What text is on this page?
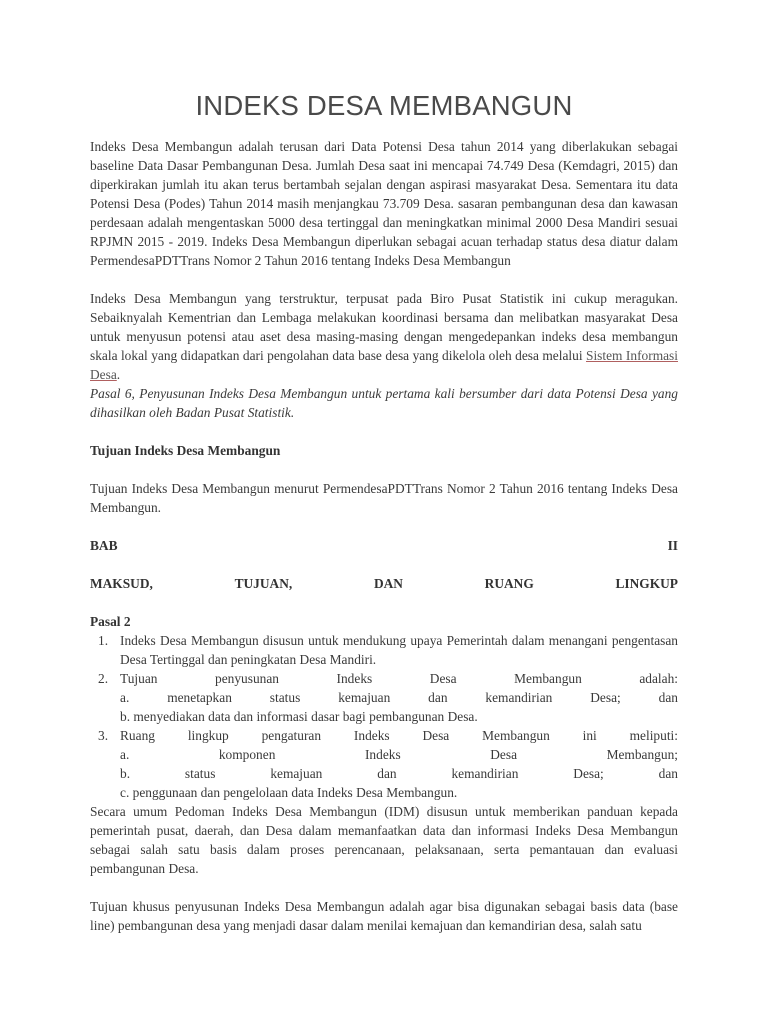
INDEKS DESA MEMBANGUN

Indeks Desa Membangun adalah terusan dari Data Potensi Desa tahun 2014 yang diberlakukan sebagai baseline Data Dasar Pembangunan Desa. Jumlah Desa saat ini mencapai 74.749 Desa (Kemdagri, 2015) dan diperkirakan jumlah itu akan terus bertambah sejalan dengan aspirasi masyarakat Desa. Sementara itu data Potensi Desa (Podes) Tahun 2014 masih menjangkau 73.709 Desa. sasaran pembangunan desa dan kawasan perdesaan adalah mengentaskan 5000 desa tertinggal dan meningkatkan minimal 2000 Desa Mandiri sesuai RPJMN 2015 - 2019. Indeks Desa Membangun diperlukan sebagai acuan terhadap status desa diatur dalam PermendesaPDTTrans Nomor 2 Tahun 2016 tentang Indeks Desa Membangun

Indeks Desa Membangun yang terstruktur, terpusat pada Biro Pusat Statistik ini cukup meragukan. Sebaiknyalah Kementrian dan Lembaga melakukan koordinasi bersama dan melibatkan masyarakat Desa untuk menyusun potensi atau aset desa masing-masing dengan mengedepankan indeks desa membangun skala lokal yang didapatkan dari pengolahan data base desa yang dikelola oleh desa melalui Sistem Informasi Desa.

Pasal 6, Penyusunan Indeks Desa Membangun untuk pertama kali bersumber dari data Potensi Desa yang dihasilkan oleh Badan Pusat Statistik.

Tujuan Indeks Desa Membangun

Tujuan Indeks Desa Membangun menurut PermendesaPDTTrans Nomor 2 Tahun 2016 tentang Indeks Desa Membangun.

BAB	II
MAKSUD,	TUJUAN,	DAN	RUANG	LINGKUP

Pasal 2

1. Indeks Desa Membangun disusun untuk mendukung upaya Pemerintah dalam menangani pengentasan Desa Tertinggal dan peningkatan Desa Mandiri.
2. Tujuan penyusunan Indeks Desa Membangun adalah:
a. menetapkan status kemajuan dan kemandirian Desa; dan
b. menyediakan data dan informasi dasar bagi pembangunan Desa.
3. Ruang lingkup pengaturan Indeks Desa Membangun ini meliputi:
a. komponen Indeks Desa Membangun;
b. status kemajuan dan kemandirian Desa; dan
c. penggunaan dan pengelolaan data Indeks Desa Membangun.

Secara umum Pedoman Indeks Desa Membangun (IDM) disusun untuk memberikan panduan kepada pemerintah pusat, daerah, dan Desa dalam memanfaatkan data dan informasi Indeks Desa Membangun sebagai salah satu basis dalam proses perencanaan, pelaksanaan, serta pemantauan dan evaluasi pembangunan Desa.

Tujuan khusus penyusunan Indeks Desa Membangun adalah agar bisa digunakan sebagai basis data (base line) pembangunan desa yang menjadi dasar dalam menilai kemajuan dan kemandirian desa, salah satu
